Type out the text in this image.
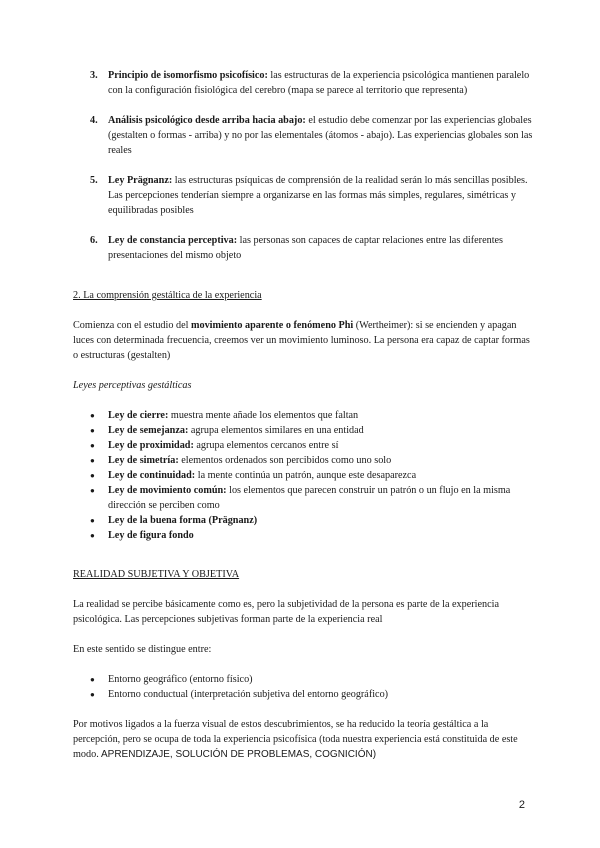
3. Principio de isomorfismo psicofísico: las estructuras de la experiencia psicológica mantienen paralelo con la configuración fisiológica del cerebro (mapa se parece al territorio que representa)
4. Análisis psicológico desde arriba hacia abajo: el estudio debe comenzar por las experiencias globales (gestalten o formas - arriba) y no por las elementales (átomos - abajo). Las experiencias globales son las reales
5. Ley Prägnanz: las estructuras psíquicas de comprensión de la realidad serán lo más sencillas posibles. Las percepciones tenderían siempre a organizarse en las formas más simples, regulares, simétricas y equilibradas posibles
6. Ley de constancia perceptiva: las personas son capaces de captar relaciones entre las diferentes presentaciones del mismo objeto

2. La comprensión gestáltica de la experiencia

Comienza con el estudio del movimiento aparente o fenómeno Phi (Wertheimer): si se encienden y apagan luces con determinada frecuencia, creemos ver un movimiento luminoso. La persona era capaz de captar formas o estructuras (gestalten)

Leyes perceptivas gestálticas

● Ley de cierre: muestra mente añade los elementos que faltan
● Ley de semejanza: agrupa elementos similares en una entidad
● Ley de proximidad: agrupa elementos cercanos entre sí
● Ley de simetría: elementos ordenados son percibidos como uno solo
● Ley de continuidad: la mente continúa un patrón, aunque este desaparezca
● Ley de movimiento común: los elementos que parecen construir un patrón o un flujo en la misma dirección se perciben como
● Ley de la buena forma (Prägnanz)
● Ley de figura fondo

REALIDAD SUBJETIVA Y OBJETIVA

La realidad se percibe básicamente como es, pero la subjetividad de la persona es parte de la experiencia psicológica. Las percepciones subjetivas forman parte de la experiencia real

En este sentido se distingue entre:

● Entorno geográfico (entorno físico)
● Entorno conductual (interpretación subjetiva del entorno geográfico)

Por motivos ligados a la fuerza visual de estos descubrimientos, se ha reducido la teoría gestáltica a la percepción, pero se ocupa de toda la experiencia psicofísica (toda nuestra experiencia está constituida de este modo. APRENDIZAJE, SOLUCIÓN DE PROBLEMAS, COGNICIÓN)

2
